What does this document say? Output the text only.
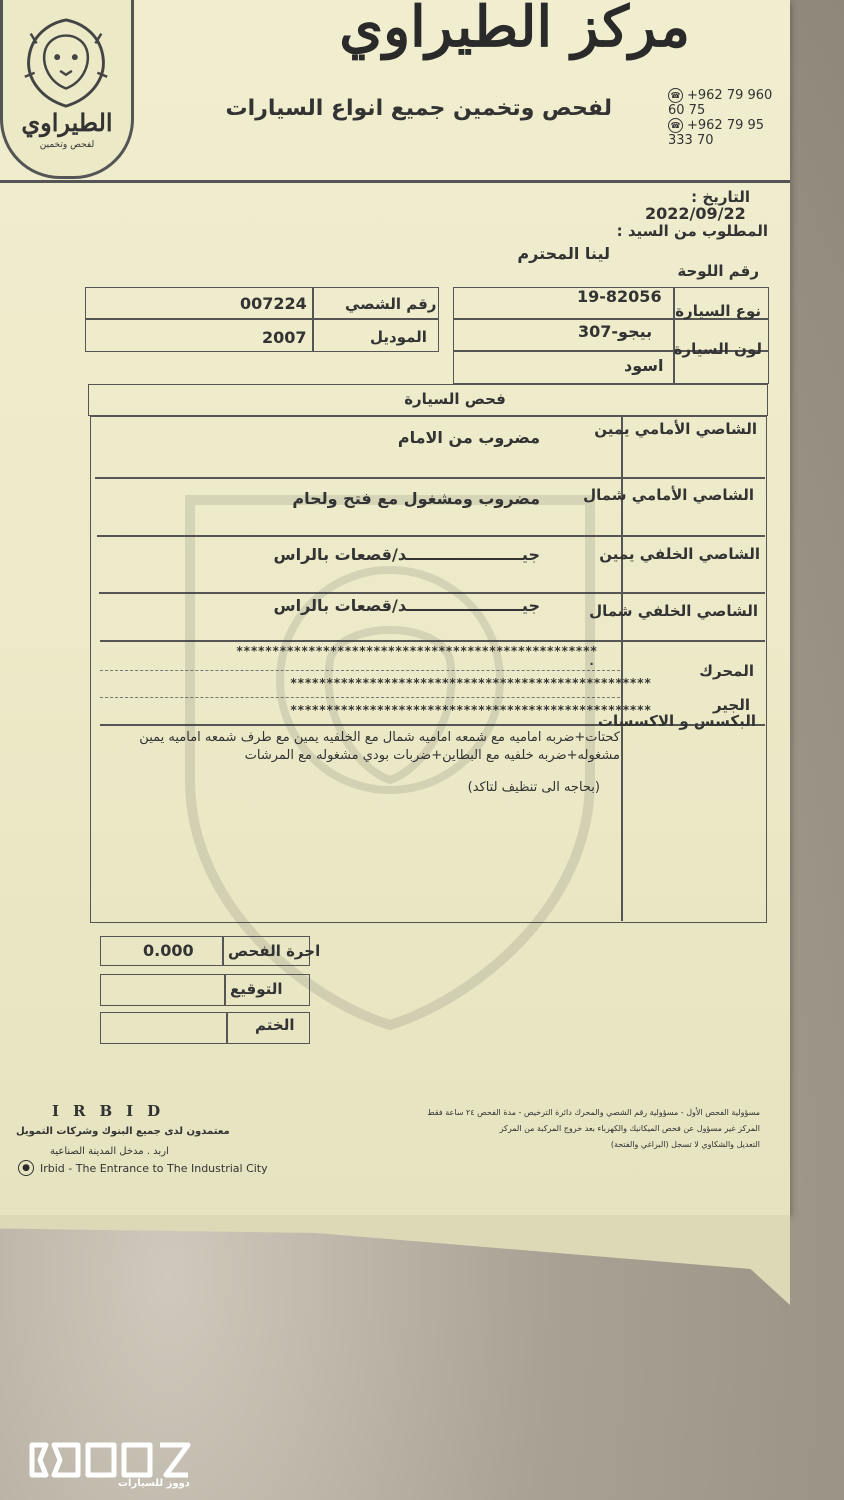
الطيراوي
لفحص وتخمين
مركز الطيراوي
لفحص وتخمين جميع انواع السيارات
☎ +962 79 960 60 75
☎ +962 79 95 333 70
التاريخ :
2022/09/22
المطلوب من السيد :
لينا المحترم
رقم اللوحة
19-82056
نوع السيارة
بيجو-307
لون السيارة
اسود
رقم الشصي
007224
الموديل
2007
فحص السيارة
الشاصي الأمامي يمين
مضروب من الامام
الشاصي الأمامي شمال
مضروب ومشغول مع فتح ولحام
الشاصي الخلفي يمين
جيـــــــــــــــــــــد/قصعات بالراس
الشاصي الخلفي شمال
جيـــــــــــــــــــــد/قصعات بالراس
المحرك
**************************************************
.
الجير
**************************************************
**************************************************
البكسس و الاكسسات
كحتات+ضربه اماميه مع شمعه اماميه شمال مع الخلفيه يمين مع طرف شمعه اماميه يمين
مشغوله+ضربه خلفيه مع البطاين+ضربات بودي مشغوله مع المرشات
(بحاجه الى تنظيف لتاكد)
اجرة الفحص
0.000
التوقيع
الختم
IRBID
معتمدون لدى جميع البنوك وشركات التمويل
اربد . مدخل المدينة الصناعية
● Irbid - The Entrance to The Industrial City
مسؤولية الفحص الأول - مسؤولية رقم الشصي والمحرك دائرة الترخيص - مدة الفحص ٢٤ ساعة فقط
المركز غير مسؤول عن فحص الميكانيك والكهرباء بعد خروج المركبة من المركز
التعديل والشكاوي لا تسجل (البراغي والفتحة)
دووز للسيارات
